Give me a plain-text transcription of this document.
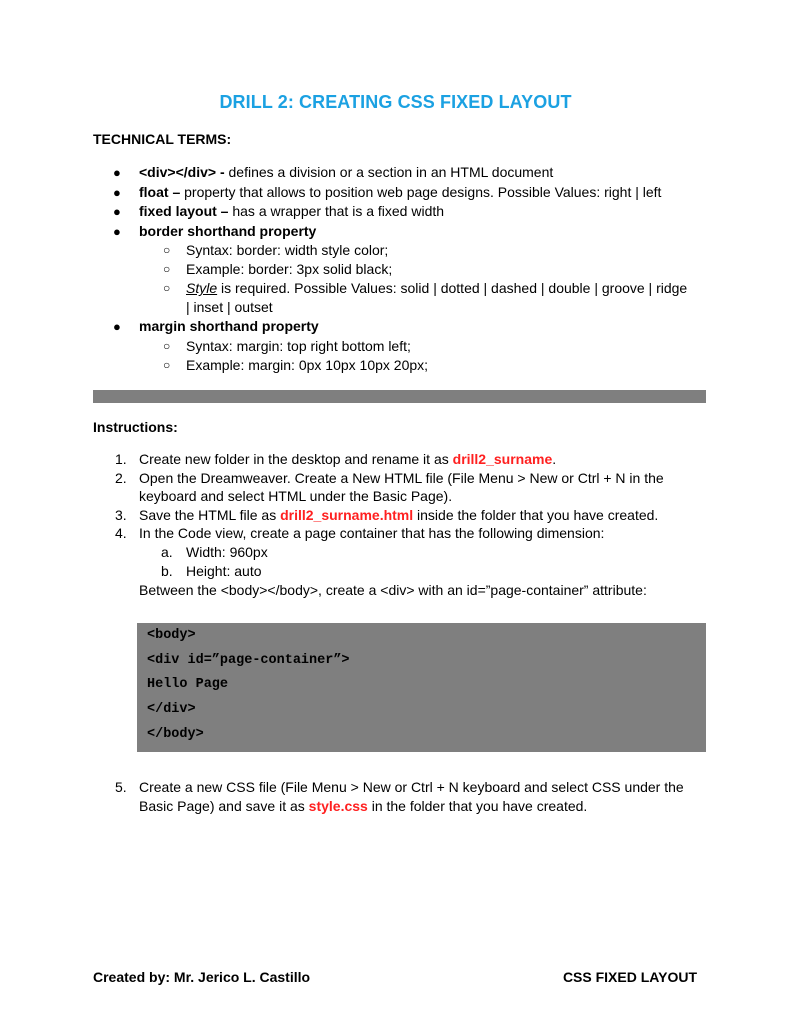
DRILL 2: CREATING CSS FIXED LAYOUT
TECHNICAL TERMS:
● <div></div> - defines a division or a section in an HTML document
● float – property that allows to position web page designs. Possible Values: right | left
● fixed layout – has a wrapper that is a fixed width
● border shorthand property
○ Syntax: border: width style color;
○ Example: border: 3px solid black;
○ Style is required. Possible Values: solid | dotted | dashed | double | groove | ridge
| inset | outset
● margin shorthand property
○ Syntax: margin: top right bottom left;
○ Example: margin: 0px 10px 10px 20px;
Instructions:
1. Create new folder in the desktop and rename it as drill2_surname.
2. Open the Dreamweaver. Create a New HTML file (File Menu > New or Ctrl + N in the
keyboard and select HTML under the Basic Page).
3. Save the HTML file as drill2_surname.html inside the folder that you have created.
4. In the Code view, create a page container that has the following dimension:
a. Width: 960px
b. Height: auto
Between the <body></body>, create a <div> with an id=”page-container” attribute:
<body>
<div id=”page-container”>
Hello Page
</div>
</body>
5. Create a new CSS file (File Menu > New or Ctrl + N keyboard and select CSS under the
Basic Page) and save it as style.css in the folder that you have created.
Created by: Mr. Jerico L. Castillo	CSS FIXED LAYOUT
